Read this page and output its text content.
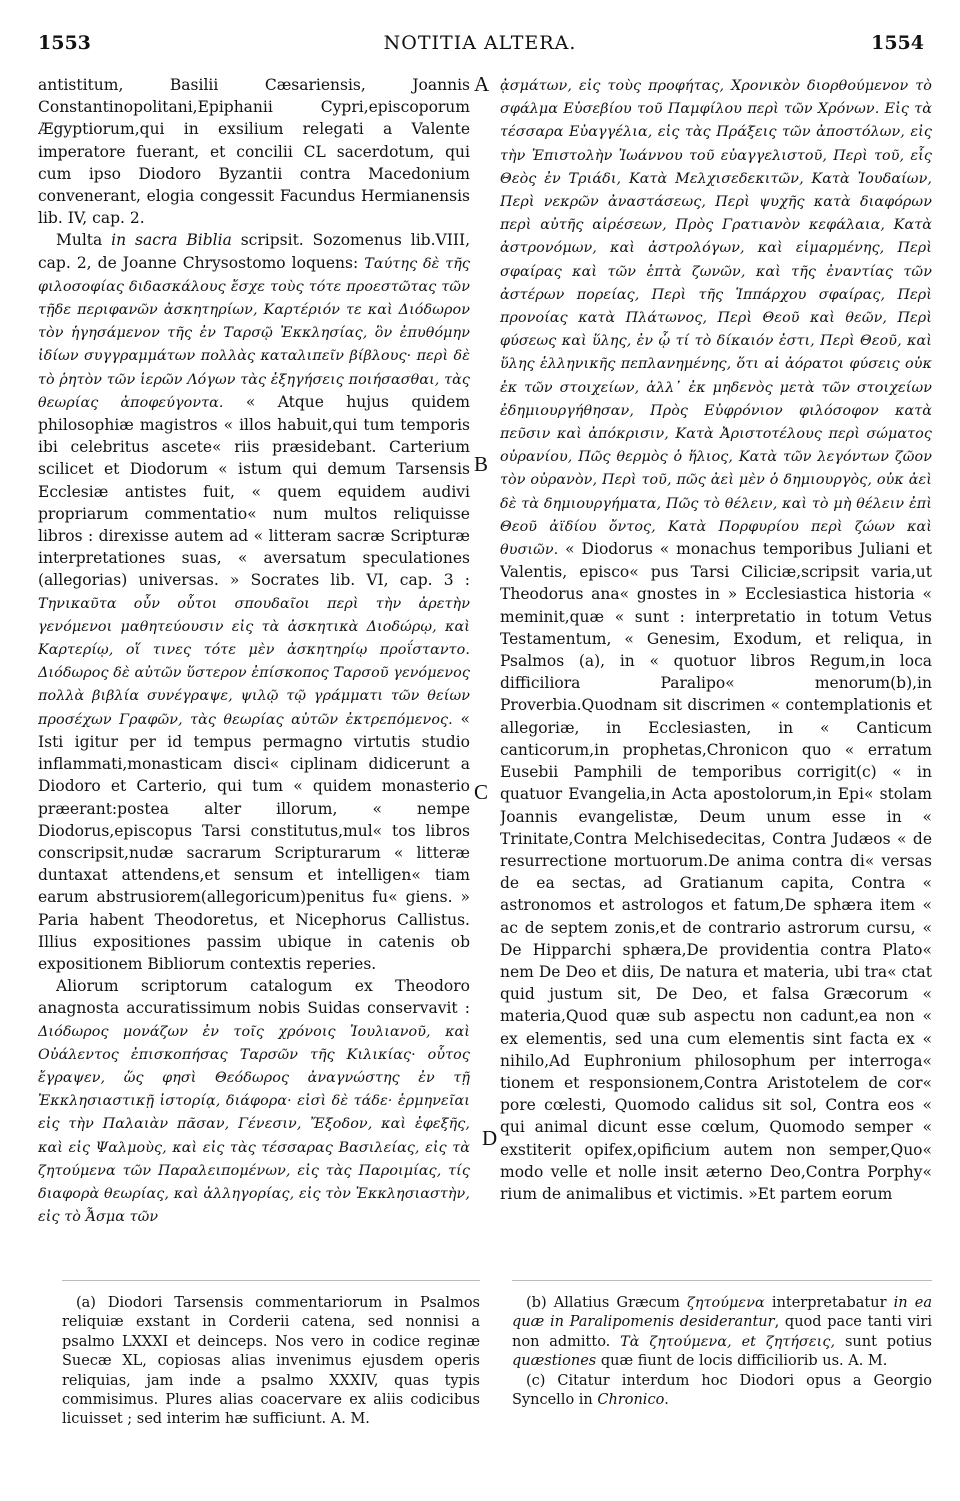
1553	NOTITIA ALTERA.	1554
A
B
C
D

antistitum, Basilii Cæsariensis, Joannis Constantinopolitani,Epiphanii Cypri,episcoporum Ægyptiorum,qui in exsilium relegati a Valente imperatore fuerant, et concilii CL sacerdotum, qui cum ipso Diodoro Byzantii contra Macedonium convenerant, elogia congessit Facundus Hermianensis lib. IV, cap. 2.

Multa in sacra Biblia scripsit. Sozomenus lib.VIII, cap. 2, de Joanne Chrysostomo loquens: Ταύτης δὲ τῆς φιλοσοφίας διδασκάλους ἔσχε τοὺς τότε προεστῶτας τῶν τῇδε περιφανῶν ἀσκητηρίων, Καρτέριόν τε καὶ Διόδωρον τὸν ἡγησάμενον τῆς ἐν Ταρσῷ Ἐκκλησίας, ὃν ἐπυθόμην ἰδίων συγγραμμάτων πολλὰς καταλιπεῖν βίβλους· περὶ δὲ τὸ ῥητὸν τῶν ἱερῶν Λόγων τὰς ἐξηγήσεις ποιήσασθαι, τὰς θεωρίας ἀποφεύγοντα. « Atque hujus quidem philosophiæ magistros « illos habuit,qui tum temporis ibi celebritus ascete« riis præsidebant. Carterium scilicet et Diodorum « istum qui demum Tarsensis Ecclesiæ antistes fuit, « quem equidem audivi propriarum commentatio« num multos reliquisse libros : direxisse autem ad « litteram sacræ Scripturæ interpretationes suas, « aversatum speculationes (allegorias) universas. » Socrates lib. VI, cap. 3 : Τηνικαῦτα οὖν οὗτοι σπουδαῖοι περὶ τὴν ἀρετὴν γενόμενοι μαθητεύουσιν εἰς τὰ ἀσκητικὰ Διοδώρῳ, καὶ Καρτερίῳ, οἵ τινες τότε μὲν ἀσκητηρίῳ προΐσταντο. Διόδωρος δὲ αὐτῶν ὕστερον ἐπίσκοπος Ταρσοῦ γενόμενος πολλὰ βιβλία συνέγραψε, ψιλῷ τῷ γράμματι τῶν θείων προσέχων Γραφῶν, τὰς θεωρίας αὐτῶν ἐκτρεπόμενος. « Isti igitur per id tempus permagno virtutis studio inflammati,monasticam disci« ciplinam didicerunt a Diodoro et Carterio, qui tum « quidem monasterio præerant:postea alter illorum, « nempe Diodorus,episcopus Tarsi constitutus,mul« tos libros conscripsit,nudæ sacrarum Scripturarum « litteræ duntaxat attendens,et sensum et intelligen« tiam earum abstrusiorem(allegoricum)penitus fu« giens. » Paria habent Theodoretus, et Nicephorus Callistus. Illius expositiones passim ubique in catenis ob expositionem Bibliorum contextis reperies.

Aliorum scriptorum catalogum ex Theodoro anagnosta accuratissimum nobis Suidas conservavit : Διόδωρος μονάζων ἐν τοῖς χρόνοις Ἰουλιανοῦ, καὶ Οὐάλεντος ἐπισκοπήσας Ταρσῶν τῆς Κιλικίας· οὗτος ἔγραψεν, ὥς φησὶ Θεόδωρος ἀναγνώστης ἐν τῇ Ἐκκλησιαστικῇ ἱστορίᾳ, διάφορα· εἰσὶ δὲ τάδε· ἑρμηνεῖαι εἰς τὴν Παλαιὰν πᾶσαν, Γένεσιν, Ἔξοδον, καὶ ἐφεξῆς, καὶ εἰς Ψαλμοὺς, καὶ εἰς τὰς τέσσαρας Βασιλείας, εἰς τὰ ζητούμενα τῶν Παραλειπομένων, εἰς τὰς Παροιμίας, τίς διαφορὰ θεωρίας, καὶ ἀλληγορίας, εἰς τὸν Ἐκκλησιαστὴν, εἰς τὸ Ἆσμα τῶν

ᾀσμάτων, εἰς τοὺς προφήτας, Χρονικὸν διορθούμενον τὸ σφάλμα Εὐσεβίου τοῦ Παμφίλου περὶ τῶν Χρόνων. Εἰς τὰ τέσσαρα Εὐαγγέλια, εἰς τὰς Πράξεις τῶν ἀποστόλων, εἰς τὴν Ἐπιστολὴν Ἰωάννου τοῦ εὐαγγελιστοῦ, Περὶ τοῦ, εἷς Θεὸς ἐν Τριάδι, Κατὰ Μελχισεδεκιτῶν, Κατὰ Ἰουδαίων, Περὶ νεκρῶν ἀναστάσεως, Περὶ ψυχῆς κατὰ διαφόρων περὶ αὐτῆς αἱρέσεων, Πρὸς Γρατιανὸν κεφάλαια, Κατὰ ἀστρονόμων, καὶ ἀστρολόγων, καὶ εἱμαρμένης, Περὶ σφαίρας καὶ τῶν ἑπτὰ ζωνῶν, καὶ τῆς ἐναντίας τῶν ἀστέρων πορείας, Περὶ τῆς Ἱππάρχου σφαίρας, Περὶ προνοίας κατὰ Πλάτωνος, Περὶ Θεοῦ καὶ θεῶν, Περὶ φύσεως καὶ ὕλης, ἐν ᾧ τί τὸ δίκαιόν ἐστι, Περὶ Θεοῦ, καὶ ὕλης ἑλληνικῆς πεπλανημένης, ὅτι αἱ ἀόρατοι φύσεις οὐκ ἐκ τῶν στοιχείων, ἀλλ᾽ ἐκ μηδενὸς μετὰ τῶν στοιχείων ἐδημιουργήθησαν, Πρὸς Εὐφρόνιον φιλόσοφον κατὰ πεῦσιν καὶ ἀπόκρισιν, Κατὰ Ἀριστοτέλους περὶ σώματος οὐρανίου, Πῶς θερμὸς ὁ ἥλιος, Κατὰ τῶν λεγόντων ζῶον τὸν οὐρανὸν, Περὶ τοῦ, πῶς ἀεὶ μὲν ὁ δημιουργὸς, οὐκ ἀεὶ δὲ τὰ δημιουργήματα, Πῶς τὸ θέλειν, καὶ τὸ μὴ θέλειν ἐπὶ Θεοῦ ἀϊδίου ὄντος, Κατὰ Πορφυρίου περὶ ζώων καὶ θυσιῶν. « Diodorus « monachus temporibus Juliani et Valentis, episco« pus Tarsi Ciliciæ,scripsit varia,ut Theodorus ana« gnostes in » Ecclesiastica historia « meminit,quæ « sunt : interpretatio in totum Vetus Testamentum, « Genesim, Exodum, et reliqua, in Psalmos (a), in « quotuor libros Regum,in loca difficiliora Paralipo« menorum(b),in Proverbia.Quodnam sit discrimen « contemplationis et allegoriæ, in Ecclesiasten, in « Canticum canticorum,in prophetas,Chronicon quo « erratum Eusebii Pamphili de temporibus corrigit(c) « in quatuor Evangelia,in Acta apostolorum,in Epi« stolam Joannis evangelistæ, Deum unum esse in « Trinitate,Contra Melchisedecitas, Contra Judæos « de resurrectione mortuorum.De anima contra di« versas de ea sectas, ad Gratianum capita, Contra « astronomos et astrologos et fatum,De sphæra item « ac de septem zonis,et de contrario astrorum cursu, « De Hipparchi sphæra,De providentia contra Plato« nem De Deo et diis, De natura et materia, ubi tra« ctat quid justum sit, De Deo, et falsa Græcorum « materia,Quod quæ sub aspectu non cadunt,ea non « ex elementis, sed una cum elementis sint facta ex « nihilo,Ad Euphronium philosophum per interroga« tionem et responsionem,Contra Aristotelem de cor« pore cœlesti, Quomodo calidus sit sol, Contra eos « qui animal dicunt esse cœlum, Quomodo semper « exstiterit opifex,opificium autem non semper,Quo« modo velle et nolle insit æterno Deo,Contra Porphy« rium de animalibus et victimis. »Et partem eorum

(a) Diodori Tarsensis commentariorum in Psalmos reliquiæ exstant in Corderii catena, sed nonnisi a psalmo LXXXI et deinceps. Nos vero in codice reginæ Suecæ XL, copiosas alias invenimus ejusdem operis reliquias, jam inde a psalmo XXXIV, quas typis commisimus. Plures alias coacervare ex aliis codicibus licuisset ; sed interim hæ sufficiunt. A. M.

(b) Allatius Græcum ζητούμενα interpretabatur in ea quæ in Paralipomenis desiderantur, quod pace tanti viri non admitto. Τὰ ζητούμενα, et ζητήσεις, sunt potius quæstiones quæ fiunt de locis difficiliorib us. A. M.

(c) Citatur interdum hoc Diodori opus a Georgio Syncello in Chronico.
